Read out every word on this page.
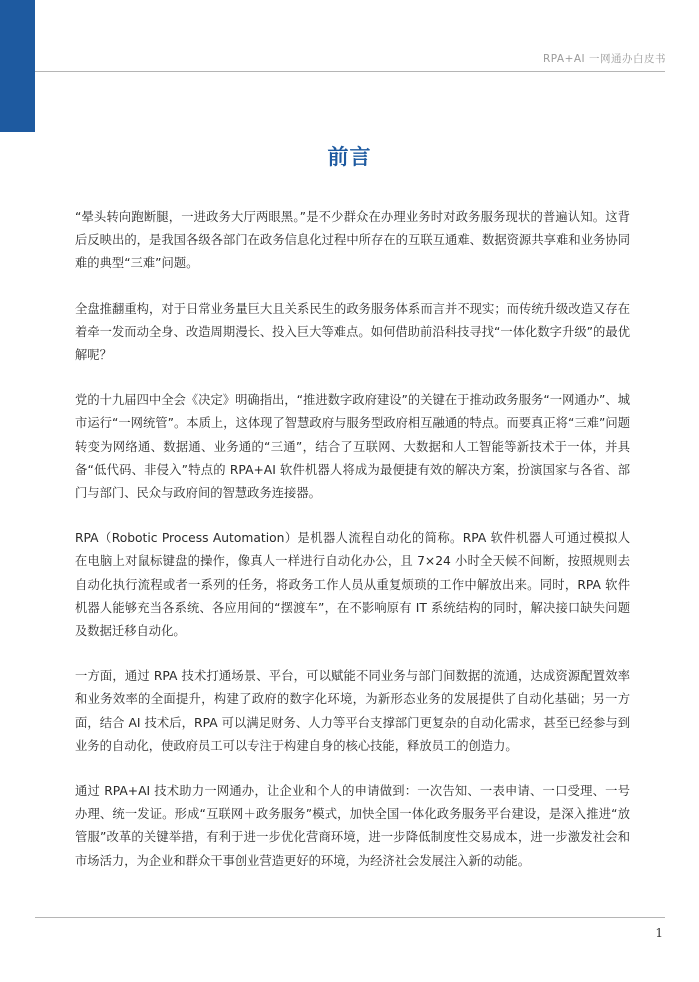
RPA+AI 一网通办白皮书
前言

“晕头转向跑断腿，一进政务大厅两眼黑。”是不少群众在办理业务时对政务服务现状的普遍认知。这背后反映出的，是我国各级各部门在政务信息化过程中所存在的互联互通难、数据资源共享难和业务协同难的典型“三难”问题。

全盘推翻重构，对于日常业务量巨大且关系民生的政务服务体系而言并不现实；而传统升级改造又存在着牵一发而动全身、改造周期漫长、投入巨大等难点。如何借助前沿科技寻找“一体化数字升级”的最优解呢？

党的十九届四中全会《决定》明确指出，“推进数字政府建设”的关键在于推动政务服务“一网通办”、城市运行“一网统管”。本质上，这体现了智慧政府与服务型政府相互融通的特点。而要真正将“三难”问题转变为网络通、数据通、业务通的“三通”，结合了互联网、大数据和人工智能等新技术于一体，并具备“低代码、非侵入”特点的 RPA+AI 软件机器人将成为最便捷有效的解决方案，扮演国家与各省、部门与部门、民众与政府间的智慧政务连接器。

RPA（Robotic Process Automation）是机器人流程自动化的简称。RPA 软件机器人可通过模拟人在电脑上对鼠标键盘的操作，像真人一样进行自动化办公，且 7×24 小时全天候不间断，按照规则去自动化执行流程或者一系列的任务，将政务工作人员从重复烦琐的工作中解放出来。同时，RPA 软件机器人能够充当各系统、各应用间的“摆渡车”，在不影响原有 IT 系统结构的同时，解决接口缺失问题及数据迁移自动化。

一方面，通过 RPA 技术打通场景、平台，可以赋能不同业务与部门间数据的流通，达成资源配置效率和业务效率的全面提升，构建了政府的数字化环境，为新形态业务的发展提供了自动化基础；另一方面，结合 AI 技术后，RPA 可以满足财务、人力等平台支撑部门更复杂的自动化需求，甚至已经参与到业务的自动化，使政府员工可以专注于构建自身的核心技能，释放员工的创造力。

通过 RPA+AI 技术助力一网通办，让企业和个人的申请做到：一次告知、一表申请、一口受理、一号办理、统一发证。形成“互联网＋政务服务”模式，加快全国一体化政务服务平台建设，是深入推进“放管服”改革的关键举措，有利于进一步优化营商环境，进一步降低制度性交易成本，进一步激发社会和市场活力，为企业和群众干事创业营造更好的环境，为经济社会发展注入新的动能。

1
